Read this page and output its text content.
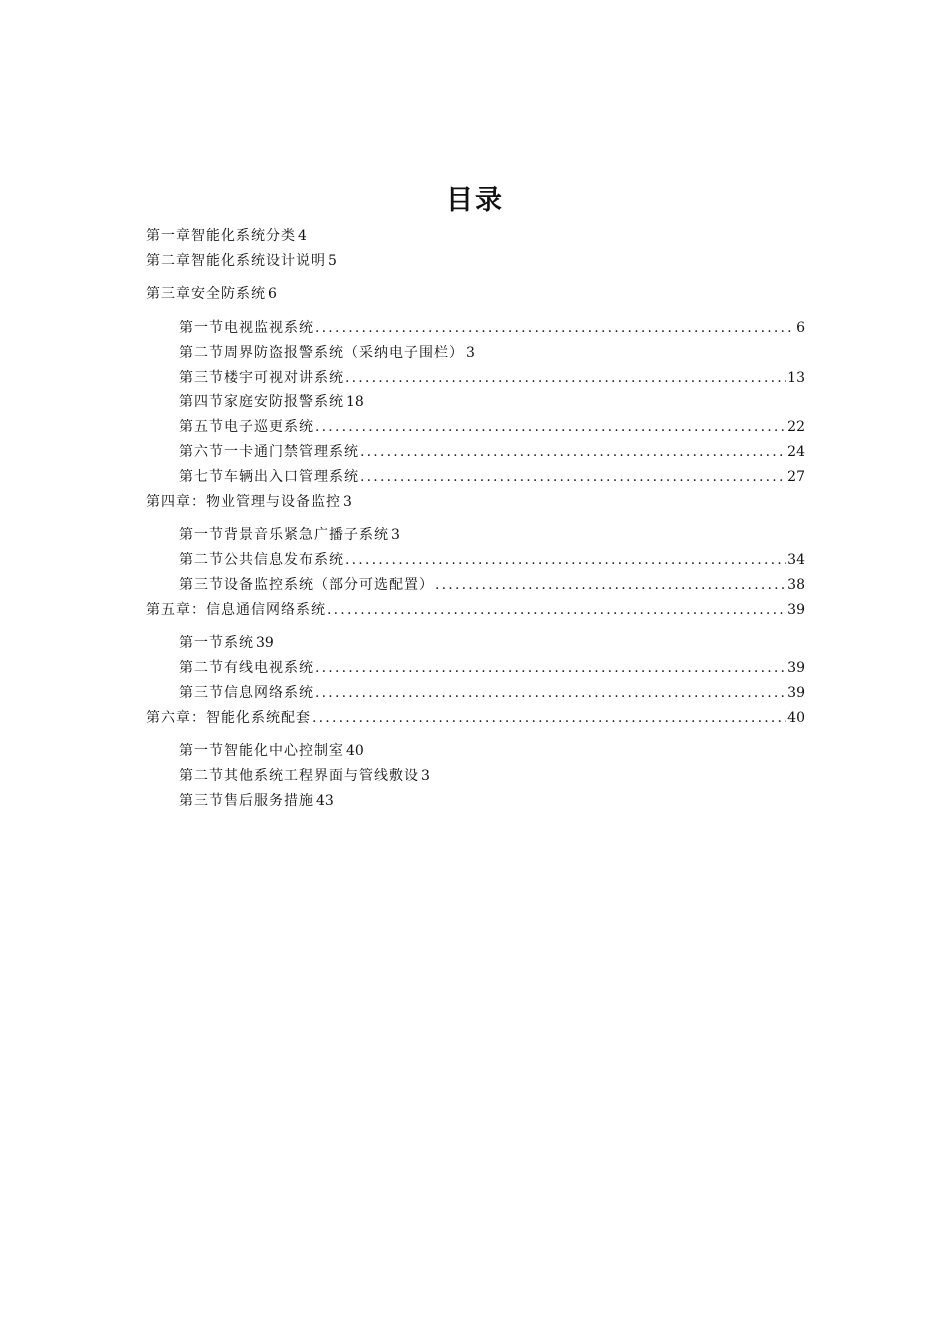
目录
第一章智能化系统分类 4
第二章智能化系统设计说明 5
第三章安全防系统 6
第一节电视监视系统 .....	6
第二节周界防盗报警系统（采纳电子围栏） 3
第三节楼宇可视对讲系统 .....	13
第四节家庭安防报警系统 18
第五节电子巡更系统 .....	22
第六节一卡通门禁管理系统 .....	24
第七节车辆出入口管理系统 .....	27
第四章：物业管理与设备监控 3
第一节背景音乐紧急广播子系统 3
第二节公共信息发布系统 .....	34
第三节设备监控系统（部分可选配置） .....	38
第五章：信息通信网络系统 .....	39
第一节系统 39
第二节有线电视系统 .....	39
第三节信息网络系统 .....	39
第六章：智能化系统配套 .....	40
第一节智能化中心控制室 40
第二节其他系统工程界面与管线敷设 3
第三节售后服务措施 43
